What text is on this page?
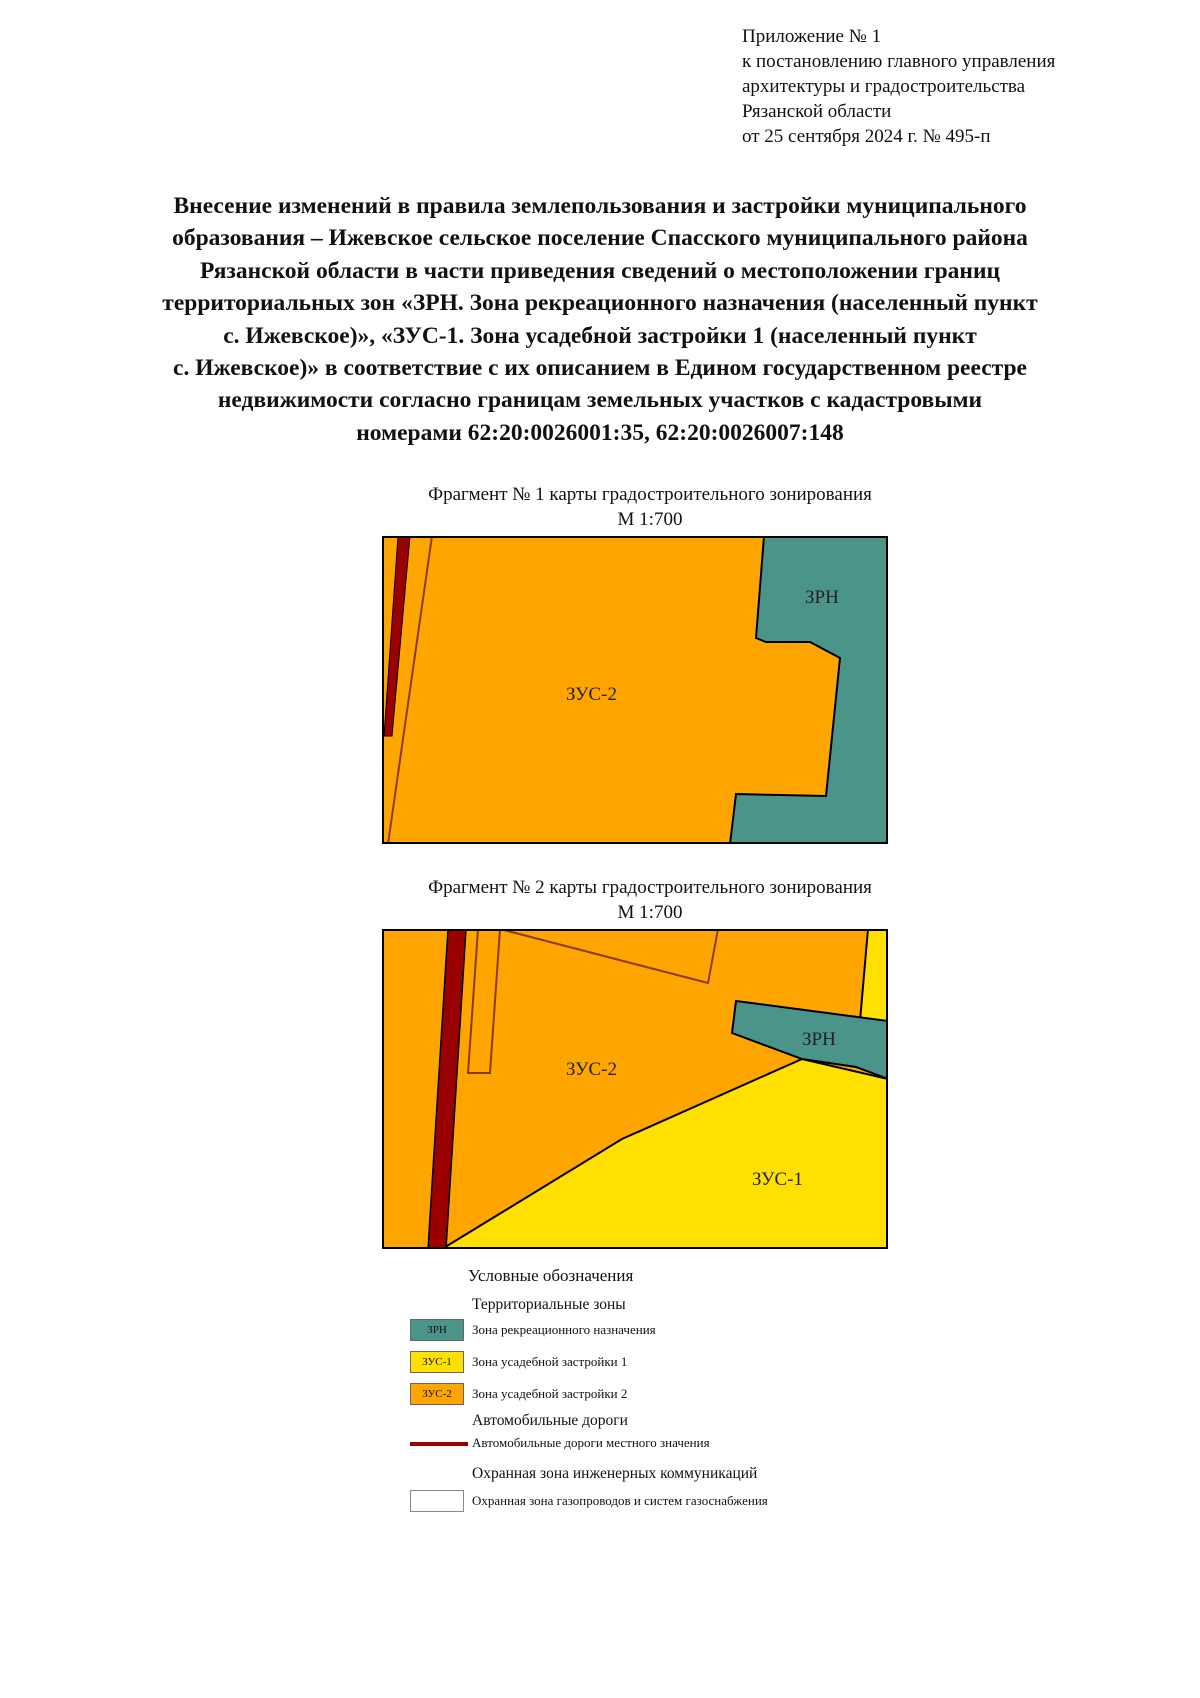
Приложение № 1
к постановлению главного управления
архитектуры и градостроительства
Рязанской области
от 25 сентября 2024 г. № 495-п
Внесение изменений в правила землепользования и застройки муниципального
образования – Ижевское сельское поселение Спасского муниципального района
Рязанской области в части приведения сведений о местоположении границ
территориальных зон «ЗРН. Зона рекреационного назначения (населенный пункт
с. Ижевское)», «ЗУС-1. Зона усадебной застройки 1 (населенный пункт
с. Ижевское)» в соответствие с их описанием в Едином государственном реестре
недвижимости согласно границам земельных участков с кадастровыми
номерами 62:20:0026001:35, 62:20:0026007:148
Фрагмент № 1 карты градостроительного зонирования
М 1:700
ЗРН
ЗУС-2
Фрагмент № 2 карты градостроительного зонирования
М 1:700
ЗРН
ЗУС-2
ЗУС-1
Условные обозначения
Территориальные зоны
ЗРН	Зона рекреационного назначения
ЗУС-1	Зона усадебной застройки 1
ЗУС-2	Зона усадебной застройки 2
Автомобильные дороги
Автомобильные дороги местного значения
Охранная зона инженерных коммуникаций
Охранная зона газопроводов и систем газоснабжения
